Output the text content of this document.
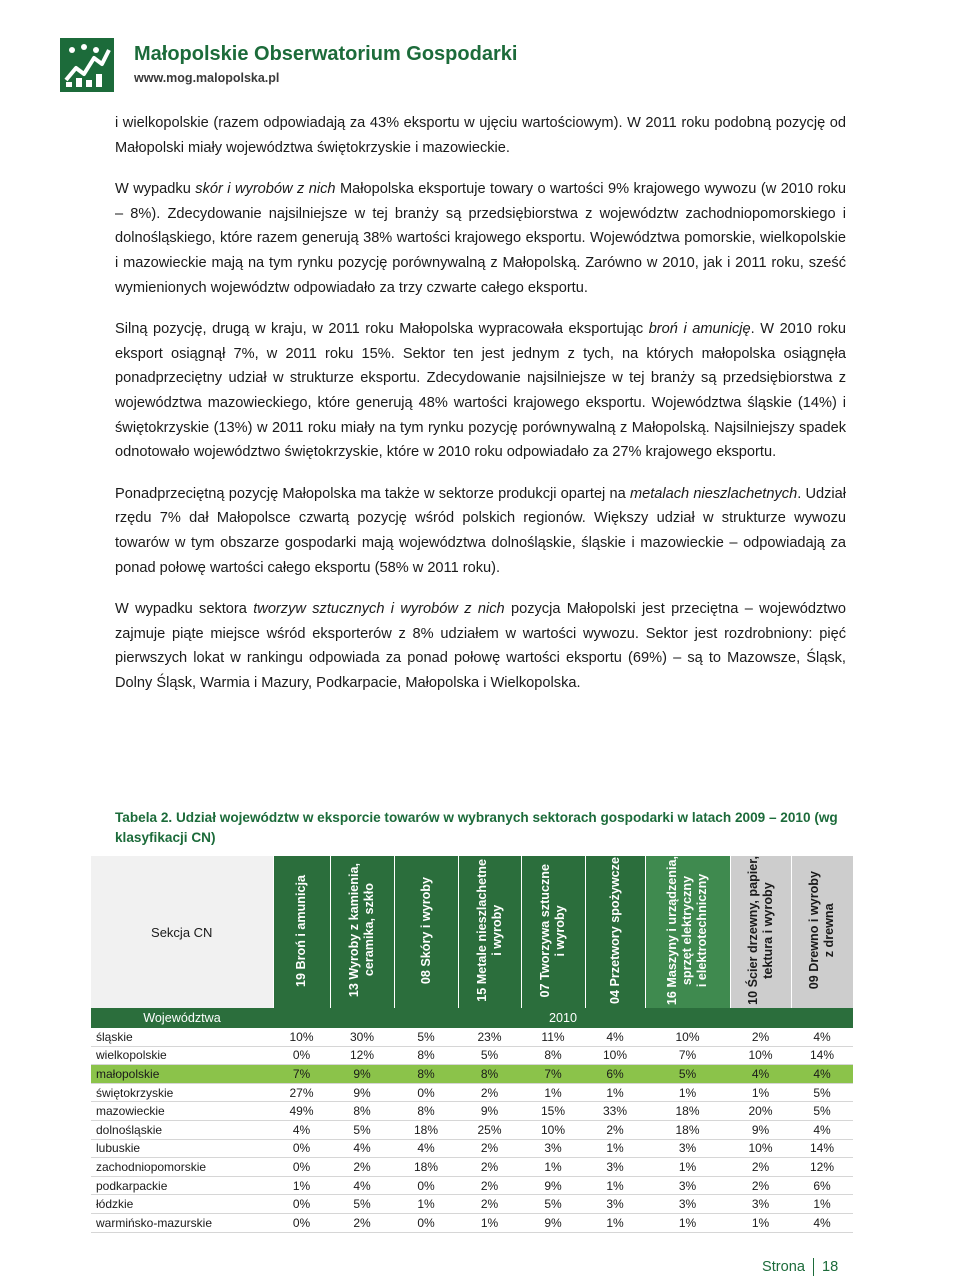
Małopolskie Obserwatorium Gospodarki
www.mog.malopolska.pl

i wielkopolskie (razem odpowiadają za 43% eksportu w ujęciu wartościowym). W 2011 roku podobną pozycję od Małopolski miały województwa świętokrzyskie i mazowieckie.

W wypadku skór i wyrobów z nich Małopolska eksportuje towary o wartości 9% krajowego wywozu (w 2010 roku – 8%). Zdecydowanie najsilniejsze w tej branży są przedsiębiorstwa z województw zachodniopomorskiego i dolnośląskiego, które razem generują 38% wartości krajowego eksportu. Województwa pomorskie, wielkopolskie i mazowieckie mają na tym rynku pozycję porównywalną z Małopolską. Zarówno w 2010, jak i 2011 roku, sześć wymienionych województw odpowiadało za trzy czwarte całego eksportu.

Silną pozycję, drugą w kraju, w 2011 roku Małopolska wypracowała eksportując broń i amunicję. W 2010 roku eksport osiągnął 7%, w 2011 roku 15%. Sektor ten jest jednym z tych, na których małopolska osiągnęła ponadprzeciętny udział w strukturze eksportu. Zdecydowanie najsilniejsze w tej branży są przedsiębiorstwa z województwa mazowieckiego, które generują 48% wartości krajowego eksportu. Województwa śląskie (14%) i świętokrzyskie (13%) w 2011 roku miały na tym rynku pozycję porównywalną z Małopolską. Najsilniejszy spadek odnotowało województwo świętokrzyskie, które w 2010 roku odpowiadało za 27% krajowego eksportu.

Ponadprzeciętną pozycję Małopolska ma także w sektorze produkcji opartej na metalach nieszlachetnych. Udział rzędu 7% dał Małopolsce czwartą pozycję wśród polskich regionów. Większy udział w strukturze wywozu towarów w tym obszarze gospodarki mają województwa dolnośląskie, śląskie i mazowieckie – odpowiadają za ponad połowę wartości całego eksportu (58% w 2011 roku).

W wypadku sektora tworzyw sztucznych i wyrobów z nich pozycja Małopolski jest przeciętna – województwo zajmuje piąte miejsce wśród eksporterów z 8% udziałem w wartości wywozu. Sektor jest rozdrobniony: pięć pierwszych lokat w rankingu odpowiada za ponad połowę wartości eksportu (69%) – są to Mazowsze, Śląsk, Dolny Śląsk, Warmia i Mazury, Podkarpacie, Małopolska i Wielkopolska.

Tabela 2. Udział województw w eksporcie towarów w wybranych sektorach gospodarki w latach 2009 – 2010 (wg klasyfikacji CN)
Sekcja CN	19 Broń i amunicja	13 Wyroby z kamienia, ceramika, szkło	08 Skóry i wyroby	15 Metale nieszlachetne i wyroby	07 Tworzywa sztuczne i wyroby	04 Przetwory spożywcze	16 Maszyny i urządzenia, sprzęt elektryczny i elektrotechniczny	10 Ścier drzewny, papier, tektura i wyroby	09 Drewno i wyroby z drewna

Województwa	2010								
śląskie	10%	30%	5%	23%	11%	4%	10%	2%	4%
wielkopolskie	0%	12%	8%	5%	8%	10%	7%	10%	14%
małopolskie	7%	9%	8%	8%	7%	6%	5%	4%	4%
świętokrzyskie	27%	9%	0%	2%	1%	1%	1%	1%	5%
mazowieckie	49%	8%	8%	9%	15%	33%	18%	20%	5%
dolnośląskie	4%	5%	18%	25%	10%	2%	18%	9%	4%
lubuskie	0%	4%	4%	2%	3%	1%	3%	10%	14%
zachodniopomorskie	0%	2%	18%	2%	1%	3%	1%	2%	12%
podkarpackie	1%	4%	0%	2%	9%	1%	3%	2%	6%
łódzkie	0%	5%	1%	2%	5%	3%	3%	3%	1%
warmińsko-mazurskie	0%	2%	0%	1%	9%	1%	1%	1%	4%
Strona 18
